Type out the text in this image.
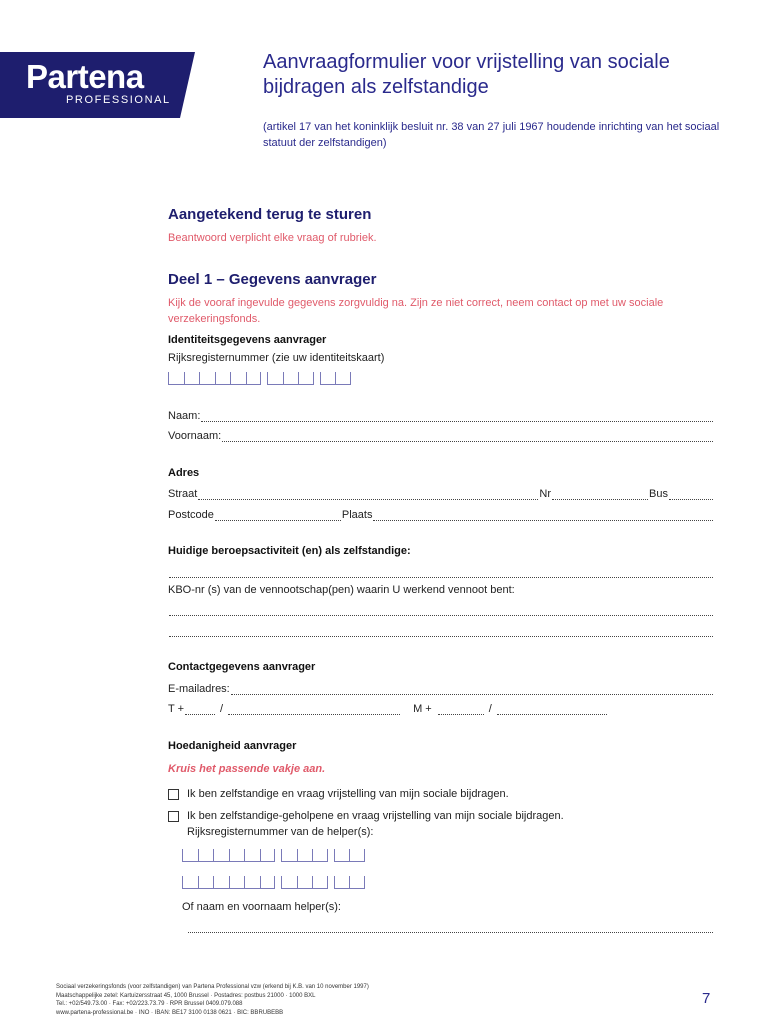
Partena
PROFESSIONAL
Aanvraagformulier voor vrijstelling van sociale bijdragen als zelfstandige
(artikel 17 van het koninklijk besluit nr. 38 van 27 juli 1967 houdende inrichting van het sociaal statuut der zelfstandigen)
Aangetekend terug te sturen
Beantwoord verplicht elke vraag of rubriek.
Deel 1 – Gegevens aanvrager
Kijk de vooraf ingevulde gegevens zorgvuldig na. Zijn ze niet correct, neem contact op met uw sociale verzekeringsfonds.
Identiteitsgegevens aanvrager
Rijksregisternummer (zie uw identiteitskaart)
Naam:
Voornaam:
Adres
Straat	Nr	Bus
Postcode	Plaats
Huidige beroepsactiviteit (en) als zelfstandige:
KBO-nr (s) van de vennootschap(pen) waarin U werkend vennoot bent:
Contactgegevens aanvrager
E-mailadres:
T +	/	M +	/
Hoedanigheid aanvrager
Kruis het passende vakje aan.
Ik ben zelfstandige en vraag vrijstelling van mijn sociale bijdragen.
Ik ben zelfstandige-geholpene en vraag vrijstelling van mijn sociale bijdragen.
Rijksregisternummer van de helper(s):
Of naam en voornaam helper(s):
Sociaal verzekeringsfonds (voor zelfstandigen) van Partena Professional vzw (erkend bij K.B. van 10 november 1997)
Maatschappelijke zetel: Kartuizersstraat 45, 1000 Brussel · Postadres: postbus 21000 · 1000 BXL
Tel.: +02/549.73.00 · Fax: +02/223.73.79 · RPR Brussel 0409.079.088
www.partena-professional.be · INO · IBAN: BE17 3100 0138 0621 · BIC: BBRUBEBB
7
